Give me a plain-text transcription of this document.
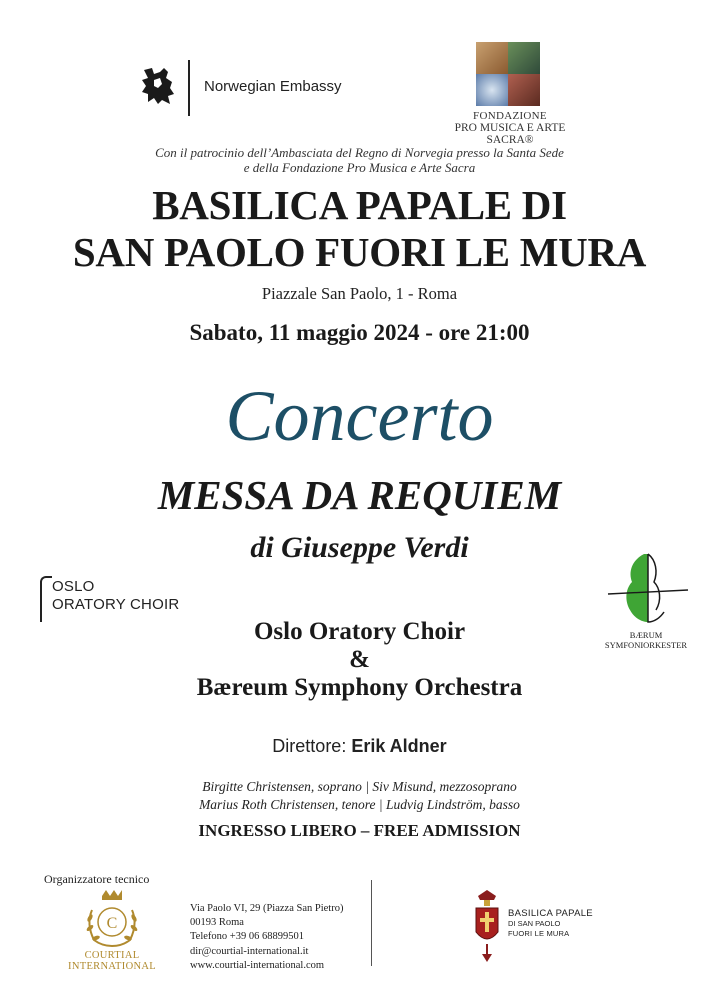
Norwegian Embassy
FONDAZIONE
PRO MUSICA E ARTE SACRA®
Con il patrocinio dell’Ambasciata del Regno di Norvegia presso la Santa Sede
e della Fondazione Pro Musica e Arte Sacra
BASILICA PAPALE DI
SAN PAOLO FUORI LE MURA
Piazzale San Paolo, 1 - Roma
Sabato, 11 maggio 2024 - ore 21:00
Concerto
MESSA DA REQUIEM
di Giuseppe Verdi
OSLO
ORATORY CHOIR
BÆRUM
SYMFONIORKESTER
Oslo Oratory Choir
&
Bæreum Symphony Orchestra
Direttore: Erik Aldner
Birgitte Christensen, soprano | Siv Misund, mezzosoprano
Marius Roth Christensen, tenore | Ludvig Lindström, basso
INGRESSO LIBERO – FREE ADMISSION
Organizzatore tecnico
C
COURTIAL INTERNATIONAL
Via Paolo VI, 29 (Piazza San Pietro)
00193 Roma
Telefono +39 06 68899501
dir@courtial-international.it
www.courtial-international.com
BASILICA PAPALE
DI SAN PAOLO
FUORI LE MURA
